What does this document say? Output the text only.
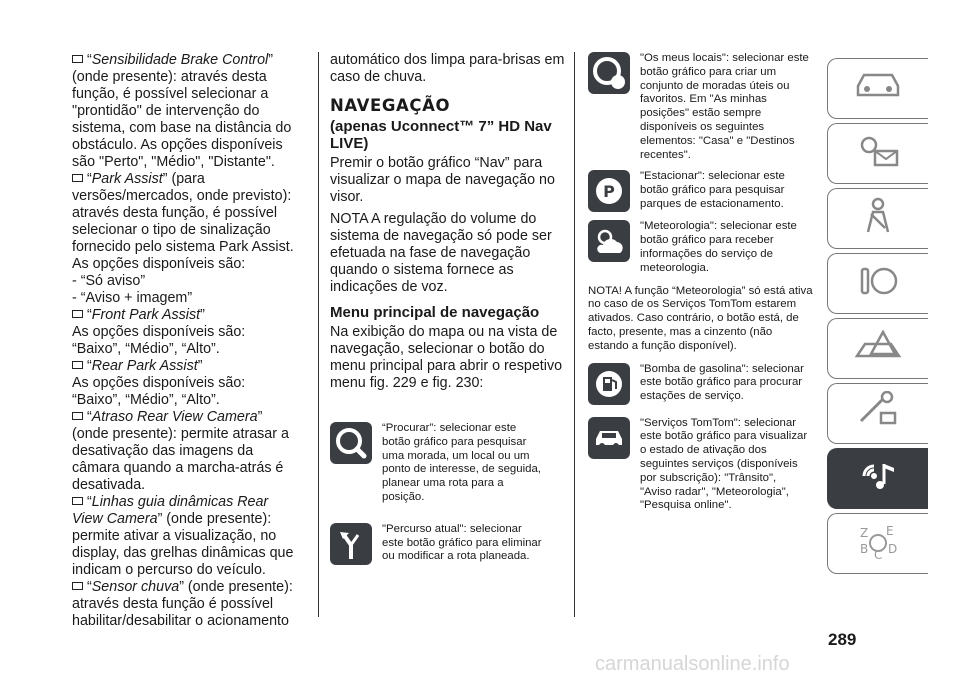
“Sensibilidade Brake Control” (onde presente): através desta função, é possível selecionar a "prontidão" de intervenção do sistema, com base na distância do obstáculo. As opções disponíveis são "Perto", "Médio", "Distante".

“Park Assist” (para versões/mercados, onde previsto): através desta função, é possível selecionar o tipo de sinalização fornecido pelo sistema Park Assist. As opções disponíveis são:

- “Só aviso”

- “Aviso + imagem”

“Front Park Assist”

As opções disponíveis são: “Baixo”, “Médio”, “Alto”.

“Rear Park Assist”

As opções disponíveis são: “Baixo”, “Médio”, “Alto”.

“Atraso Rear View Camera”

(onde presente): permite atrasar a desativação das imagens da câmara quando a marcha-atrás é desativada.

“Linhas guia dinâmicas Rear View Camera” (onde presente): permite ativar a visualização, no display, das grelhas dinâmicas que indicam o percurso do veículo.

“Sensor chuva” (onde presente): através desta função é possível habilitar/desabilitar o acionamento

automático dos limpa para-brisas em caso de chuva.

NAVEGAÇÃO
(apenas Uconnect™ 7” HD Nav LIVE)

Premir o botão gráfico “Nav” para visualizar o mapa de navegação no visor.

NOTA A regulação do volume do sistema de navegação só pode ser efetuada na fase de navegação quando o sistema fornece as indicações de voz.

Menu principal de navegação

Na exibição do mapa ou na vista de navegação, selecionar o botão do menu principal para abrir o respetivo menu fig. 229 e fig. 230:

“Procurar”: selecionar este botão gráfico para pesquisar uma morada, um local ou um ponto de interesse, de seguida, planear uma rota para a posição.
"Percurso atual": selecionar este botão gráfico para eliminar ou modificar a rota planeada.
"Os meus locais": selecionar este botão gráfico para criar um conjunto de moradas úteis ou favoritos. Em "As minhas posições" estão sempre disponíveis os seguintes elementos: "Casa" e "Destinos recentes".
P
"Estacionar": selecionar este botão gráfico para pesquisar parques de estacionamento.
"Meteorologia": selecionar este botão gráfico para receber informações do serviço de meteorologia.

NOTA! A função “Meteorologia” só está ativa no caso de os Serviços TomTom estarem ativados. Caso contrário, o botão está, de facto, presente, mas a cinzento (não estando a função disponível).

"Bomba de gasolina": selecionar este botão gráfico para procurar estações de serviço.
"Serviços TomTom": selecionar este botão gráfico para visualizar o estado de ativação dos seguintes serviços (disponíveis por subscrição): "Trânsito", "Aviso radar", "Meteorologia", "Pesquisa online".
Z E
B C D
289
carmanualsonline.info
